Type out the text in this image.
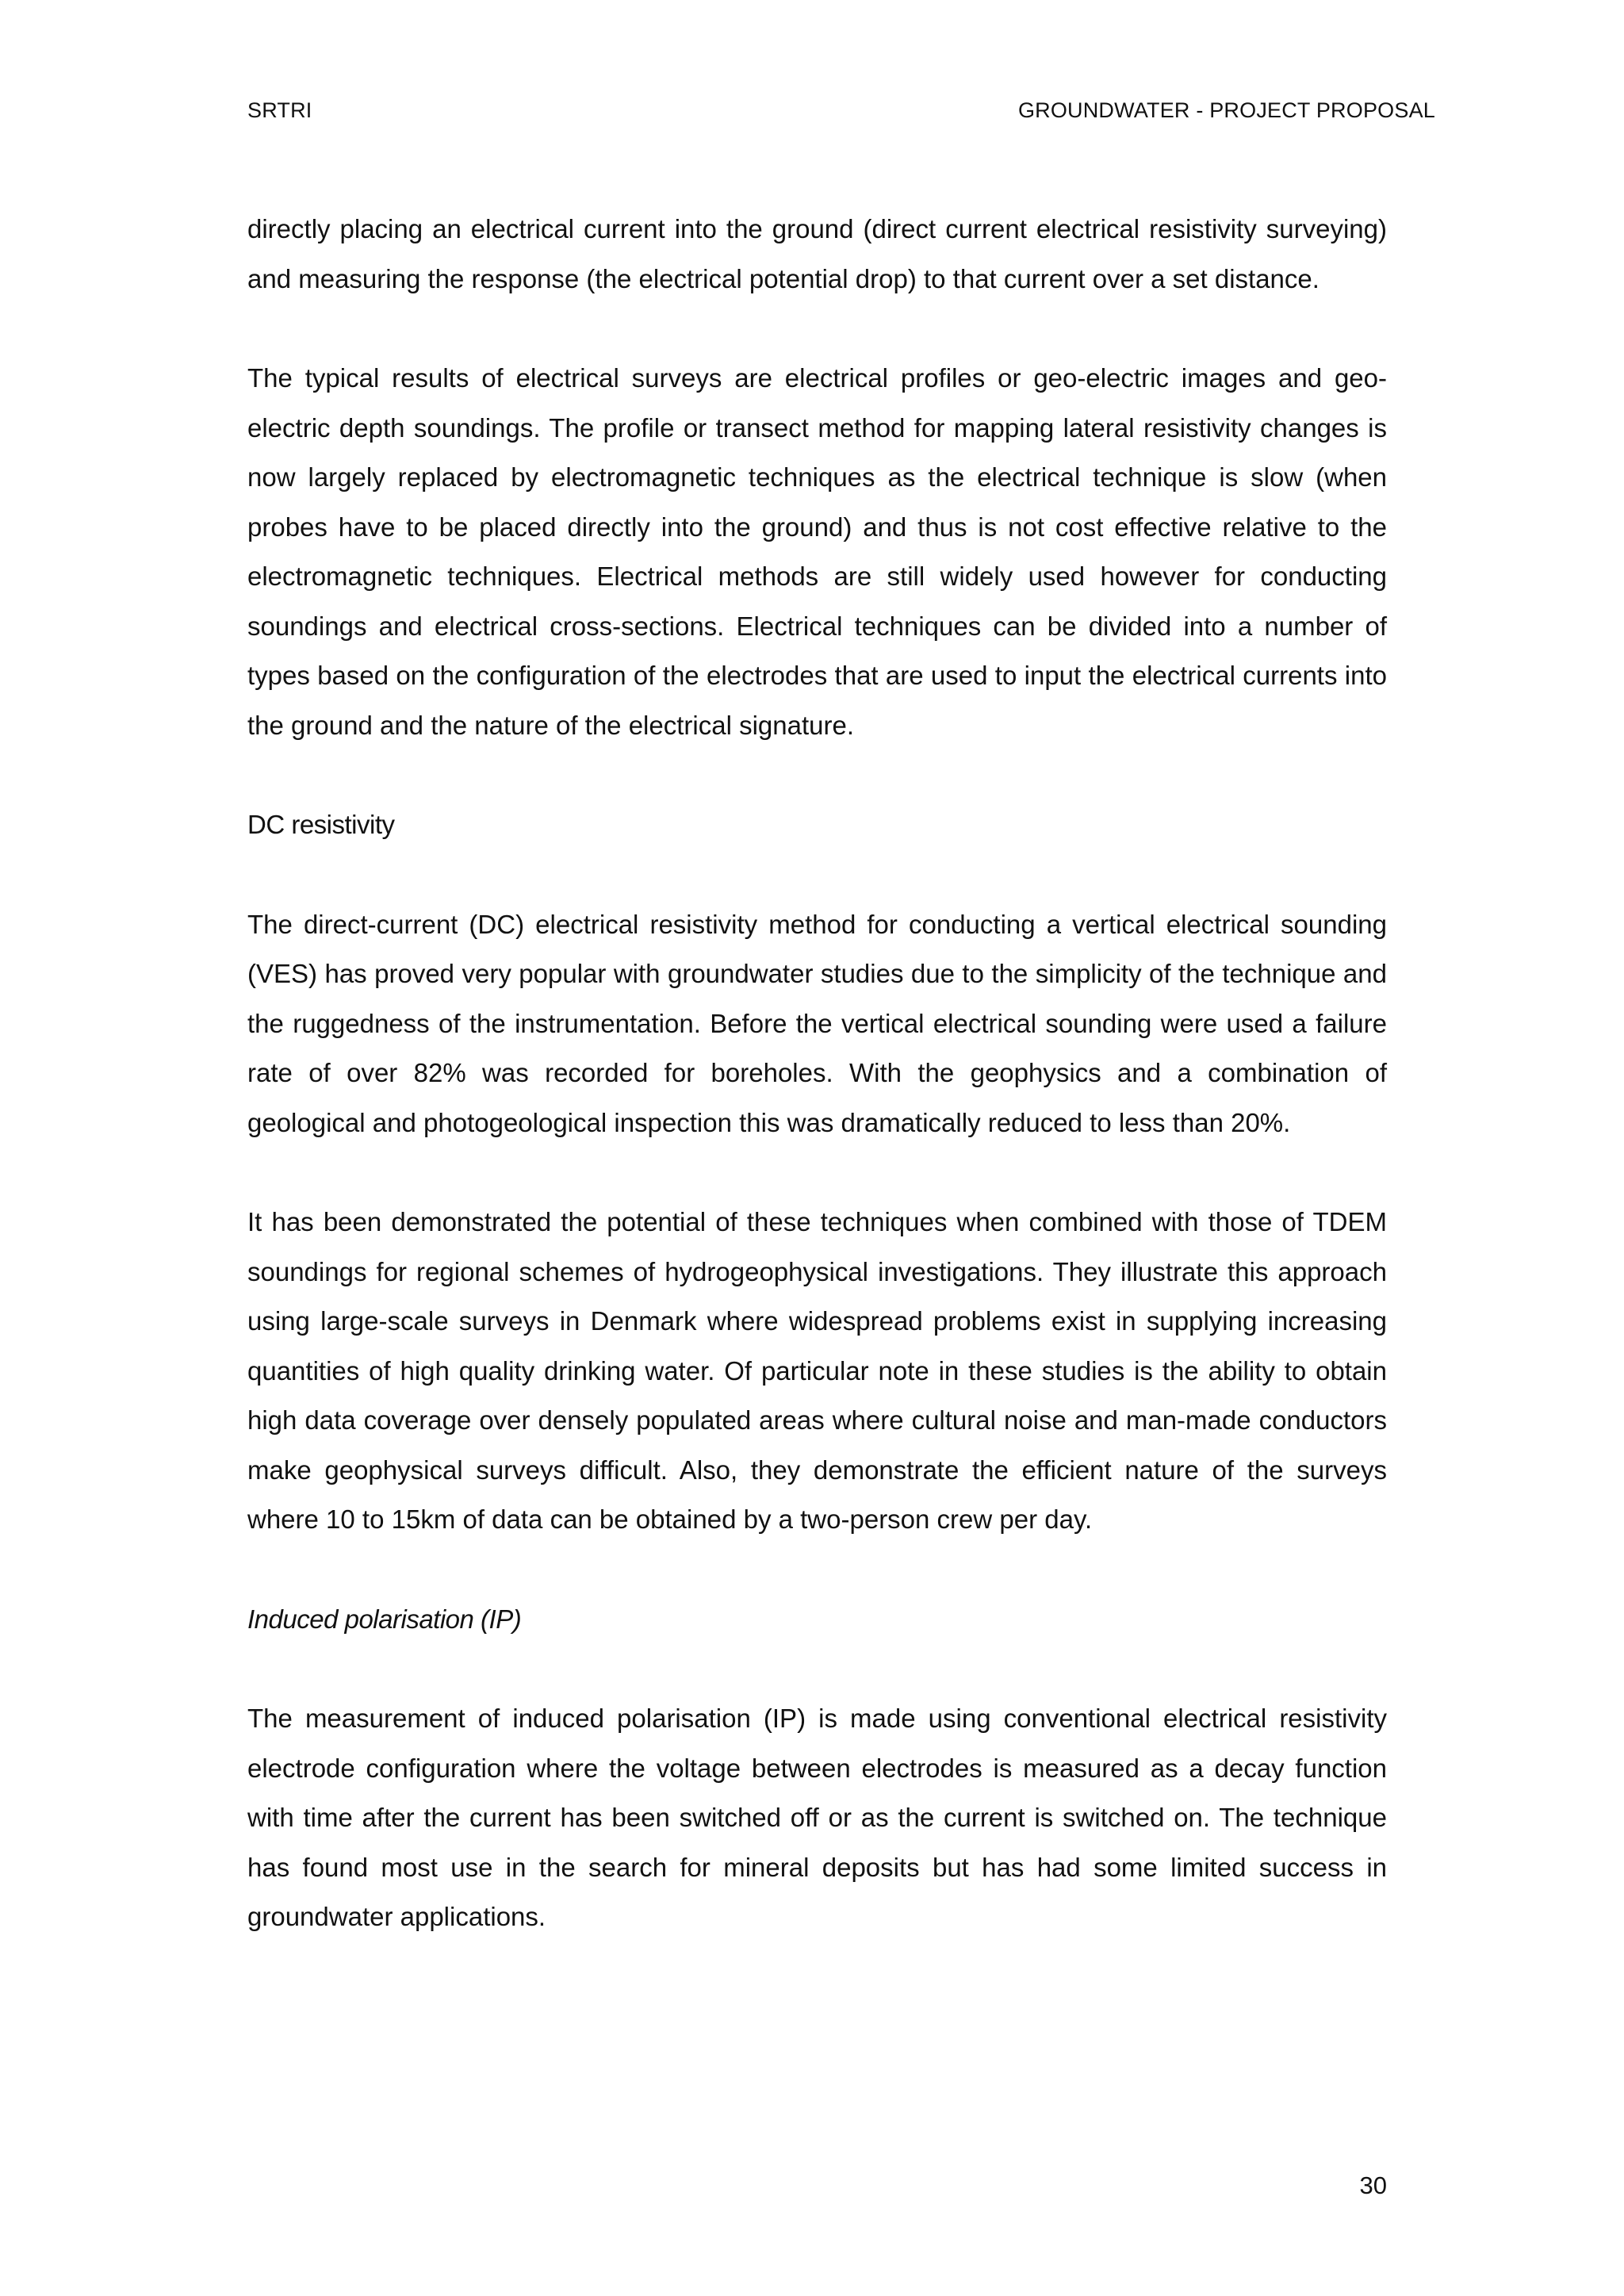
SRTRI	GROUNDWATER - PROJECT PROPOSAL

directly placing an electrical current into the ground (direct current electrical resistivity surveying) and measuring the response (the electrical potential drop) to that current over a set distance.

The typical results of electrical surveys are electrical profiles or geo-electric images and geo-electric depth soundings. The profile or transect method for mapping lateral resistivity changes is now largely replaced by electromagnetic techniques as the electrical technique is slow (when probes have to be placed directly into the ground) and thus is not cost effective relative to the electromagnetic techniques. Electrical methods are still widely used however for conducting soundings and electrical cross-sections. Electrical techniques can be divided into a number of types based on the configuration of the electrodes that are used to input the electrical currents into the ground and the nature of the electrical signature.

DC resistivity

The direct-current (DC) electrical resistivity method for conducting a vertical electrical sounding (VES) has proved very popular with groundwater studies due to the simplicity of the technique and the ruggedness of the instrumentation. Before the vertical electrical sounding were used a failure rate of over 82% was recorded for boreholes. With the geophysics and a combination of geological and photogeological inspection this was dramatically reduced to less than 20%.

It has been demonstrated the potential of these techniques when combined with those of TDEM soundings for regional schemes of hydrogeophysical investigations. They illustrate this approach using large-scale surveys in Denmark where widespread problems exist in supplying increasing quantities of high quality drinking water. Of particular note in these studies is the ability to obtain high data coverage over densely populated areas where cultural noise and man-made conductors make geophysical surveys difficult. Also, they demonstrate the efficient nature of the surveys where 10 to 15km of data can be obtained by a two-person crew per day.

Induced polarisation (IP)

The measurement of induced polarisation (IP) is made using conventional electrical resistivity electrode configuration where the voltage between electrodes is measured as a decay function with time after the current has been switched off or as the current is switched on. The technique has found most use in the search for mineral deposits but has had some limited success in groundwater applications.

30
